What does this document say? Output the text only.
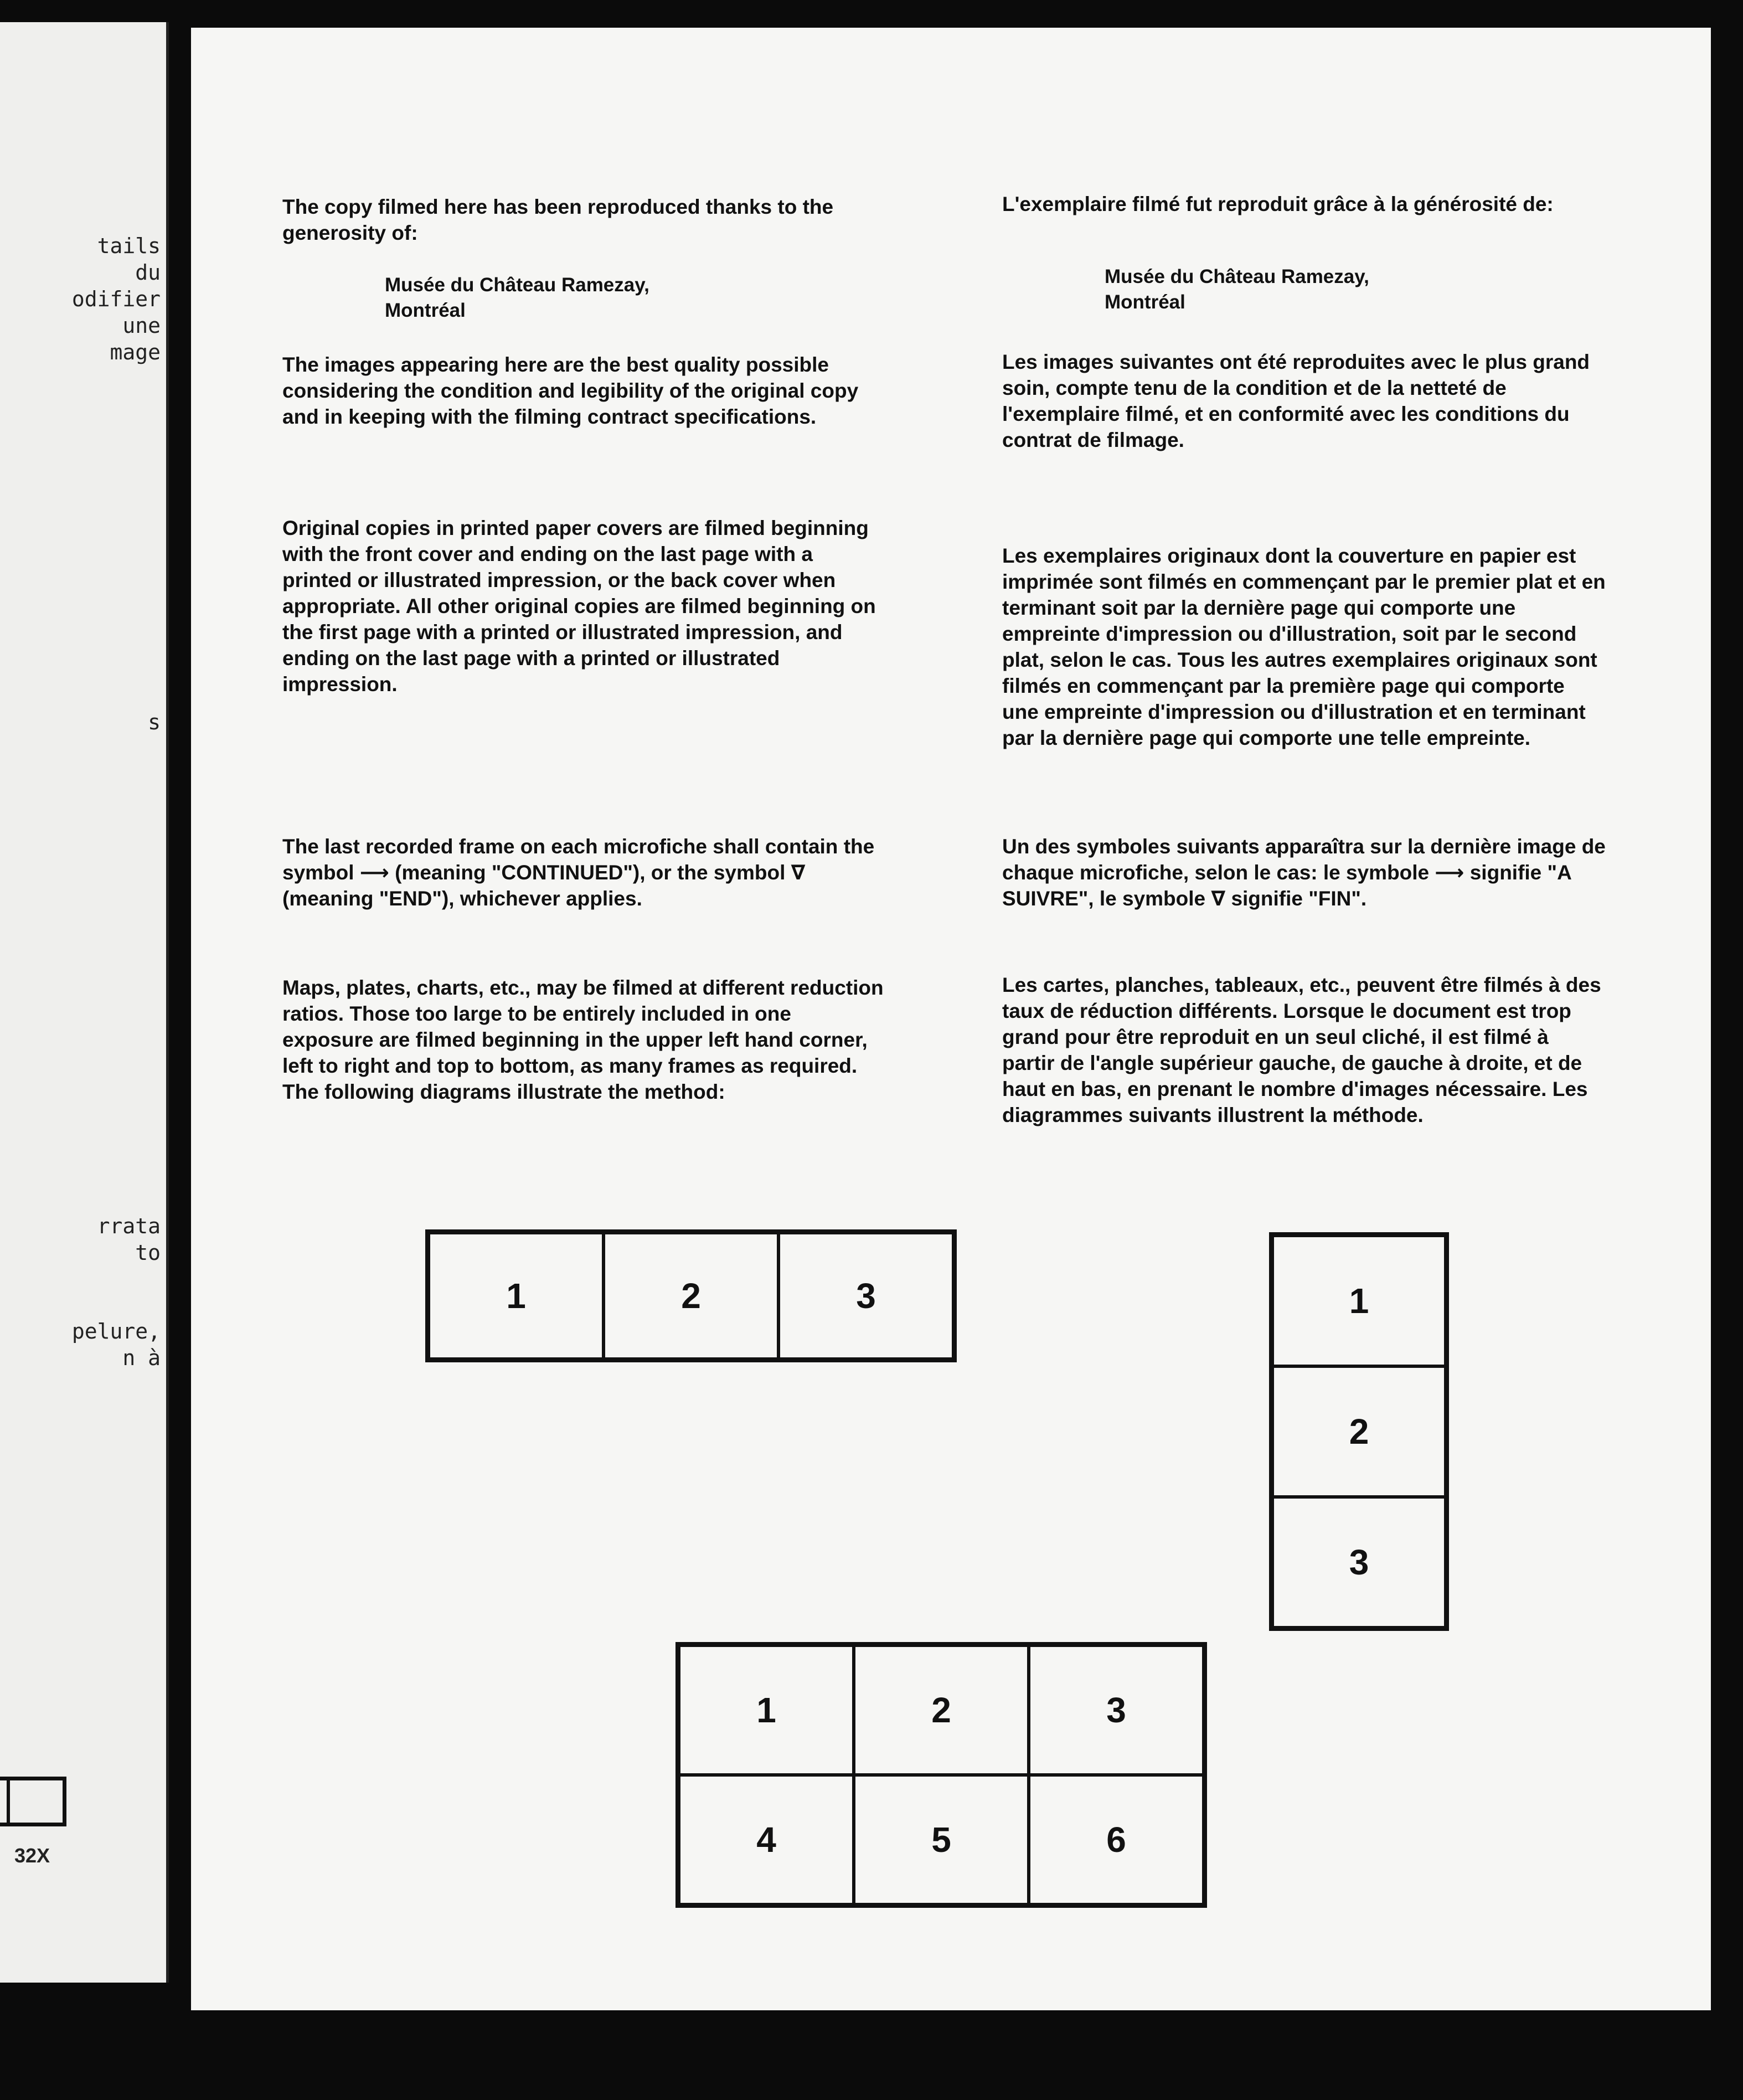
tails
du
odifier
une
mage
s
rrata
to
pelure,
n à
32X

The copy filmed here has been reproduced thanks to the generosity of:

Musée du Château Ramezay,

Montréal

The images appearing here are the best quality possible considering the condition and legibility of the original copy and in keeping with the filming contract specifications.

Original copies in printed paper covers are filmed beginning with the front cover and ending on the last page with a printed or illustrated impression, or the back cover when appropriate. All other original copies are filmed beginning on the first page with a printed or illustrated impression, and ending on the last page with a printed or illustrated impression.

The last recorded frame on each microfiche shall contain the symbol ⟶ (meaning "CONTINUED"), or the symbol ∇ (meaning "END"), whichever applies.

Maps, plates, charts, etc., may be filmed at different reduction ratios. Those too large to be entirely included in one exposure are filmed beginning in the upper left hand corner, left to right and top to bottom, as many frames as required. The following diagrams illustrate the method:

L'exemplaire filmé fut reproduit grâce à la générosité de:

Musée du Château Ramezay,

Montréal

Les images suivantes ont été reproduites avec le plus grand soin, compte tenu de la condition et de la netteté de l'exemplaire filmé, et en conformité avec les conditions du contrat de filmage.

Les exemplaires originaux dont la couverture en papier est imprimée sont filmés en commençant par le premier plat et en terminant soit par la dernière page qui comporte une empreinte d'impression ou d'illustration, soit par le second plat, selon le cas. Tous les autres exemplaires originaux sont filmés en commençant par la première page qui comporte une empreinte d'impression ou d'illustration et en terminant par la dernière page qui comporte une telle empreinte.

Un des symboles suivants apparaîtra sur la dernière image de chaque microfiche, selon le cas: le symbole ⟶ signifie "A SUIVRE", le symbole ∇ signifie "FIN".

Les cartes, planches, tableaux, etc., peuvent être filmés à des taux de réduction différents. Lorsque le document est trop grand pour être reproduit en un seul cliché, il est filmé à partir de l'angle supérieur gauche, de gauche à droite, et de haut en bas, en prenant le nombre d'images nécessaire. Les diagrammes suivants illustrent la méthode.

1	2	3	1
2
3
1	2	3
4	5	6
